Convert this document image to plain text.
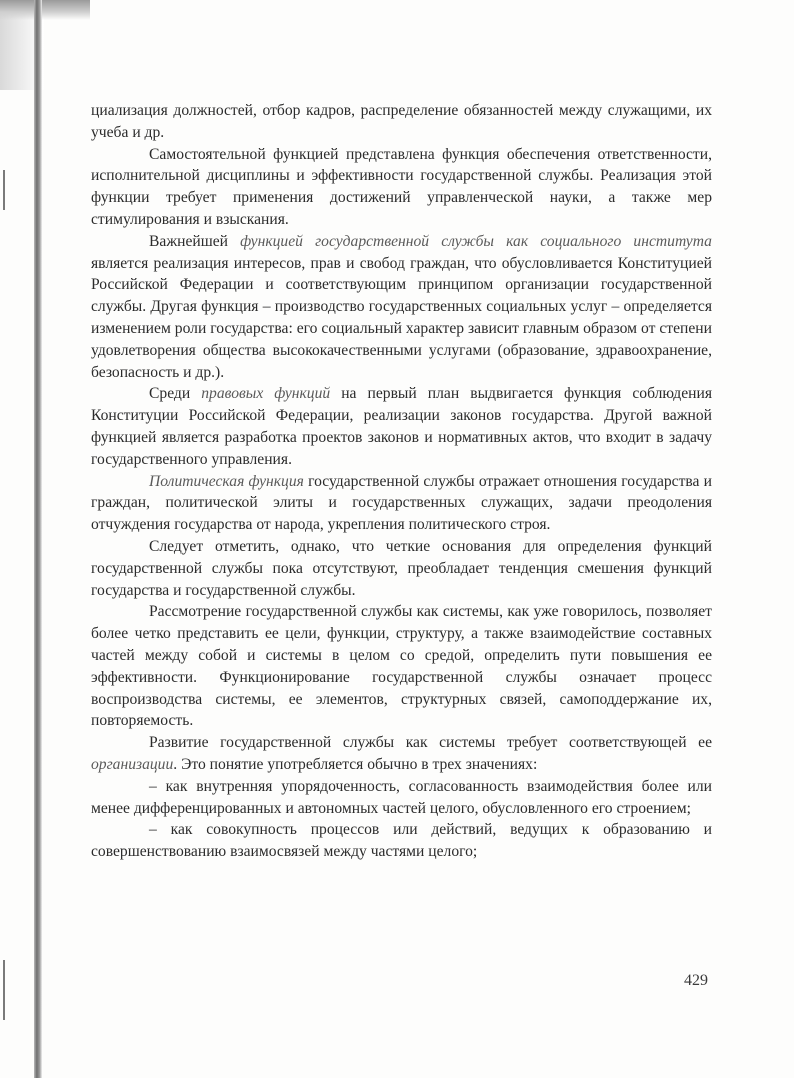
циализация должностей, отбор кадров, распределение обязанностей между служащими, их учеба и др.

Самостоятельной функцией представлена функция обеспечения ответственности, исполнительной дисциплины и эффективности государственной службы. Реализация этой функции требует применения достижений управленческой науки, а также мер стимулирования и взыскания.

Важнейшей функцией государственной службы как социального института является реализация интересов, прав и свобод граждан, что обусловливается Конституцией Российской Федерации и соответствующим принципом организации государственной службы. Другая функция – производство государственных социальных услуг – определяется изменением роли государства: его социальный характер зависит главным образом от степени удовлетворения общества высококачественными услугами (образование, здравоохранение, безопасность и др.).

Среди правовых функций на первый план выдвигается функция соблюдения Конституции Российской Федерации, реализации законов государства. Другой важной функцией является разработка проектов законов и нормативных актов, что входит в задачу государственного управления.

Политическая функция государственной службы отражает отношения государства и граждан, политической элиты и государственных служащих, задачи преодоления отчуждения государства от народа, укрепления политического строя.

Следует отметить, однако, что четкие основания для определения функций государственной службы пока отсутствуют, преобладает тенденция смешения функций государства и государственной службы.

Рассмотрение государственной службы как системы, как уже говорилось, позволяет более четко представить ее цели, функции, структуру, а также взаимодействие составных частей между собой и системы в целом со средой, определить пути повышения ее эффективности. Функционирование государственной службы означает процесс воспроизводства системы, ее элементов, структурных связей, самоподдержание их, повторяемость.

Развитие государственной службы как системы требует соответствующей ее организации. Это понятие употребляется обычно в трех значениях:

– как внутренняя упорядоченность, согласованность взаимодействия более или менее дифференцированных и автономных частей целого, обусловленного его строением;

– как совокупность процессов или действий, ведущих к образованию и совершенствованию взаимосвязей между частями целого;

429
